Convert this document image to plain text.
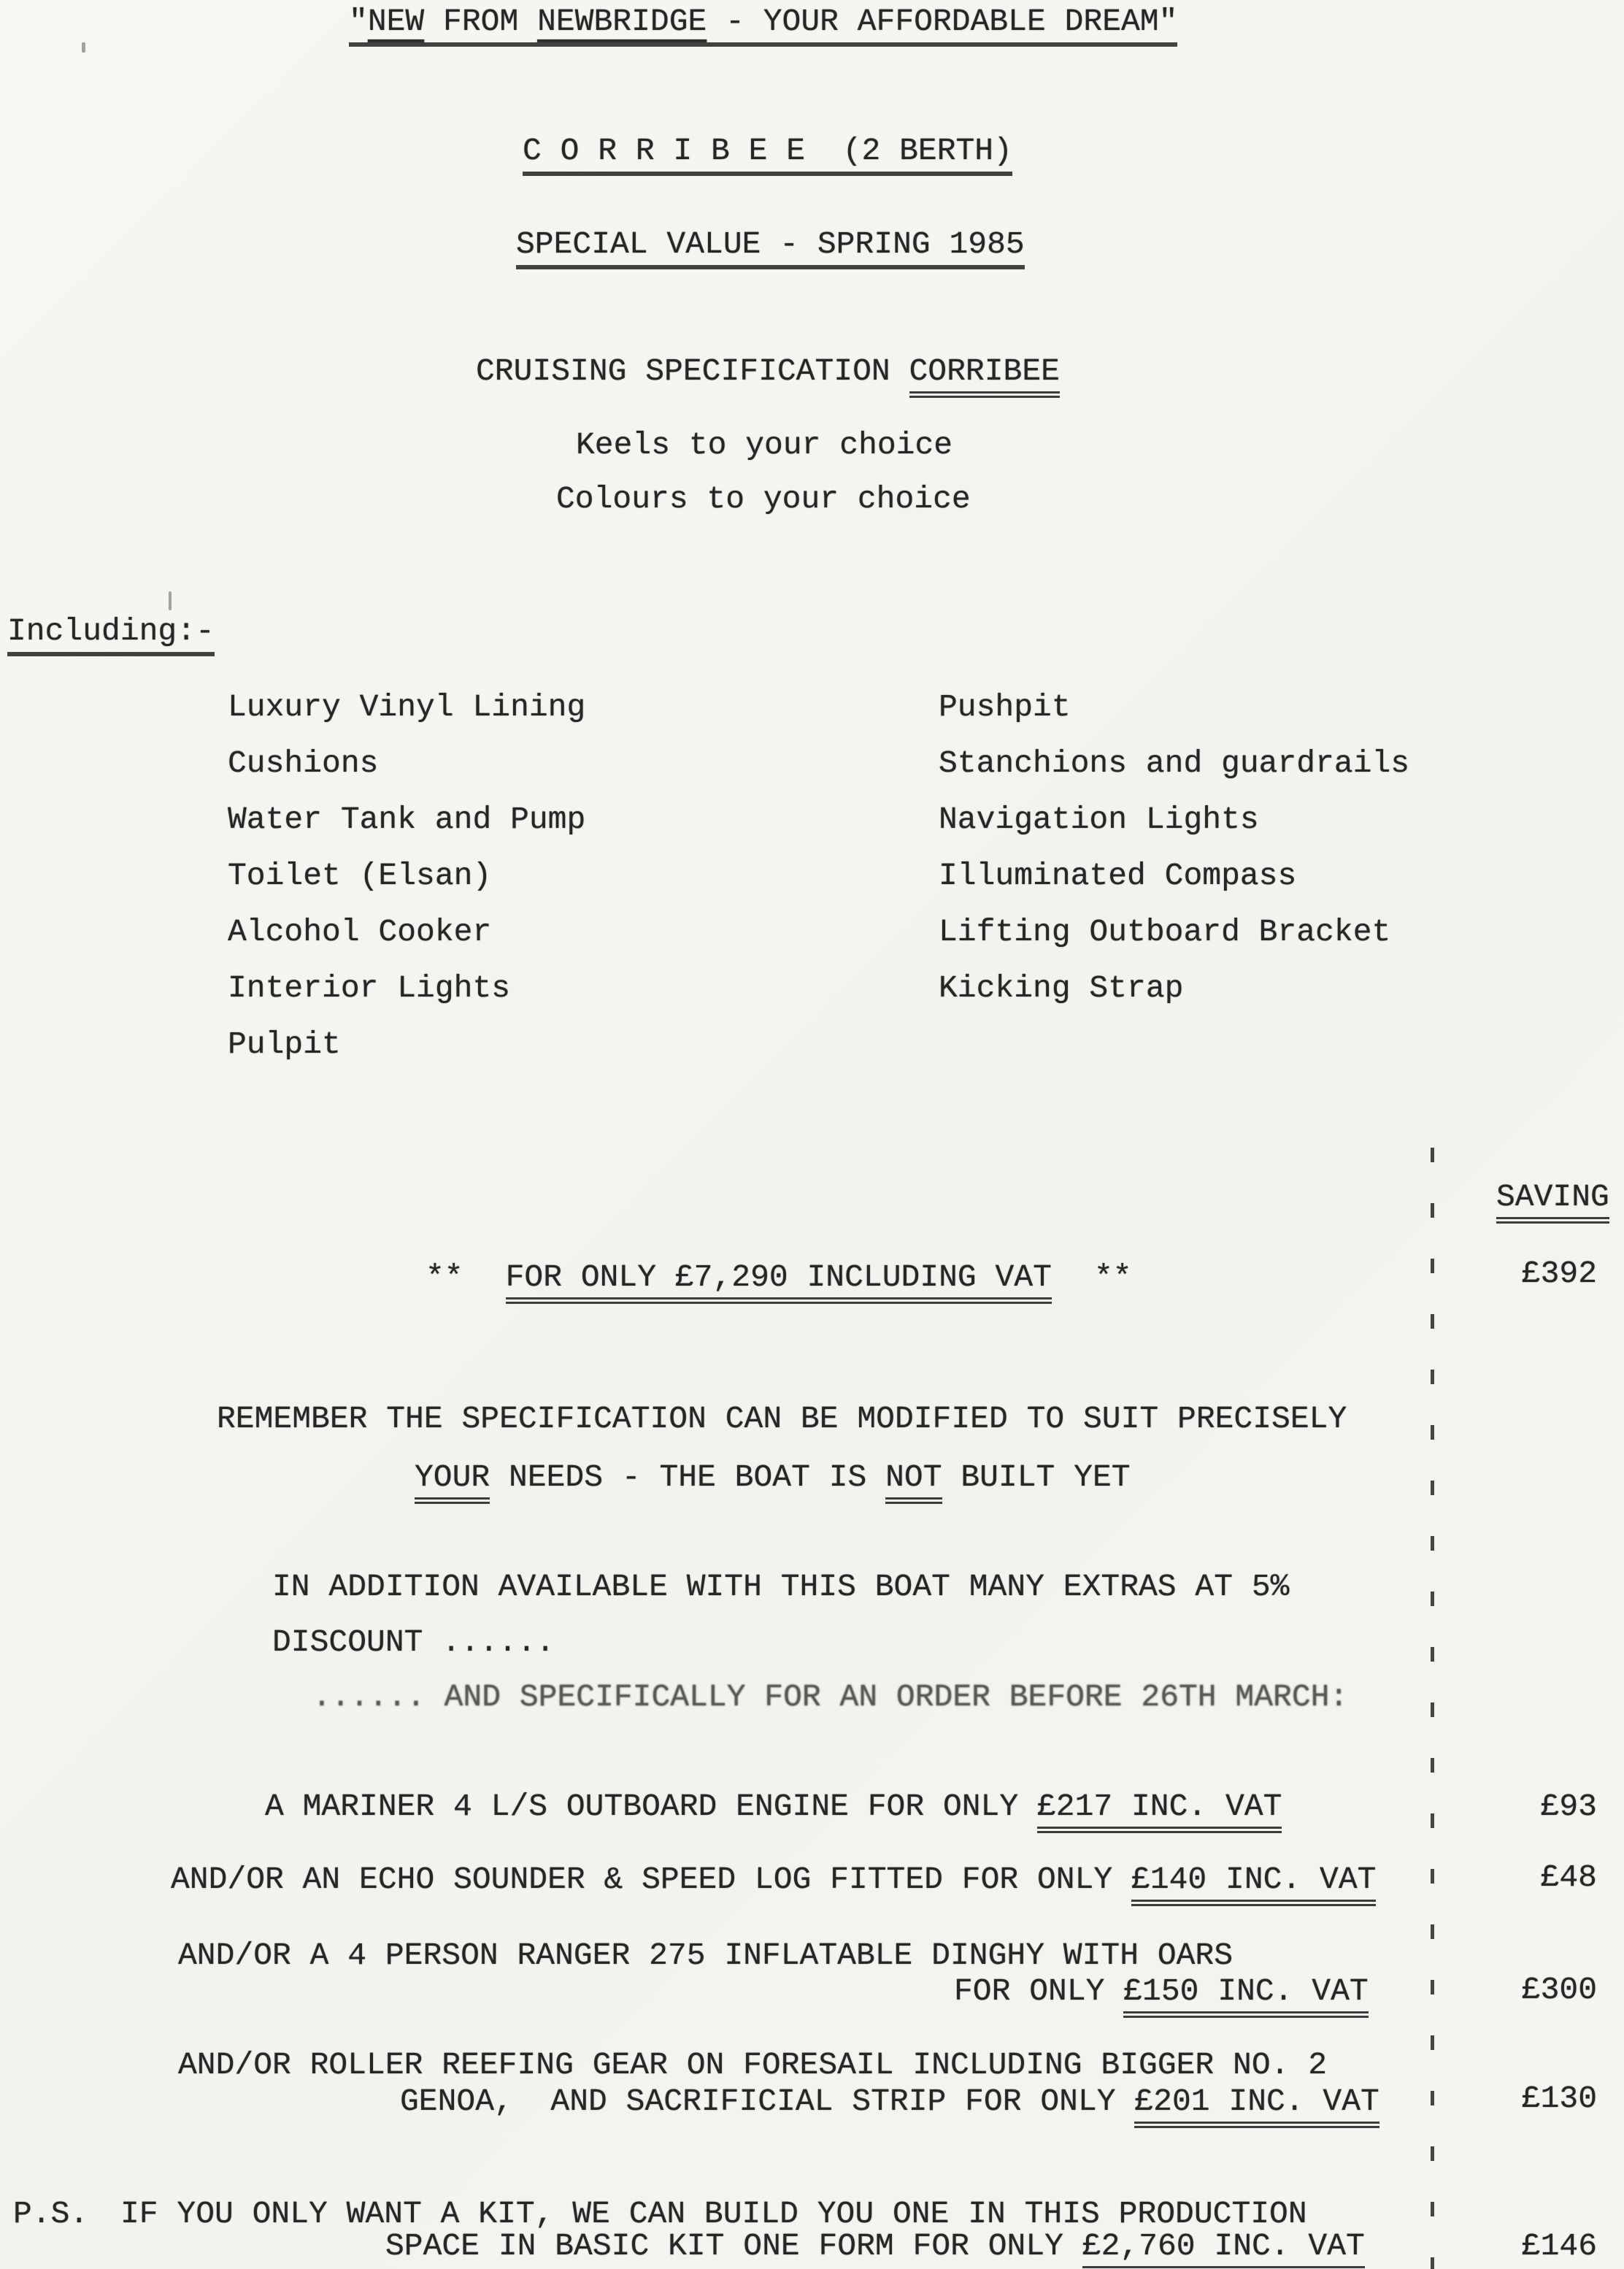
"NEW FROM NEWBRIDGE - YOUR AFFORDABLE DREAM"
C O R R I B E E  (2 BERTH)
SPECIAL VALUE - SPRING 1985
CRUISING SPECIFICATION CORRIBEE
Keels to your choice
Colours to your choice
Including:-
Luxury Vinyl Lining
Cushions
Water Tank and Pump
Toilet (Elsan)
Alcohol Cooker
Interior Lights
Pulpit
Pushpit
Stanchions and guardrails
Navigation Lights
Illuminated Compass
Lifting Outboard Bracket
Kicking Strap
SAVING
£392
£93
£48
£300
£130
£146
** FOR ONLY £7,290 INCLUDING VAT **
REMEMBER THE SPECIFICATION CAN BE MODIFIED TO SUIT PRECISELY
YOUR NEEDS - THE BOAT IS NOT BUILT YET
IN ADDITION AVAILABLE WITH THIS BOAT MANY EXTRAS AT 5%
DISCOUNT ......
...... AND SPECIFICALLY FOR AN ORDER BEFORE 26TH MARCH:
A MARINER 4 L/S OUTBOARD ENGINE FOR ONLY £217 INC. VAT
AND/OR AN ECHO SOUNDER & SPEED LOG FITTED FOR ONLY £140 INC. VAT
AND/OR A 4 PERSON RANGER 275 INFLATABLE DINGHY WITH OARS
FOR ONLY £150 INC. VAT
AND/OR ROLLER REEFING GEAR ON FORESAIL INCLUDING BIGGER NO. 2
GENOA,  AND SACRIFICIAL STRIP FOR ONLY £201 INC. VAT
P.S. IF YOU ONLY WANT A KIT, WE CAN BUILD YOU ONE IN THIS PRODUCTION
SPACE IN BASIC KIT ONE FORM FOR ONLY £2,760 INC. VAT
